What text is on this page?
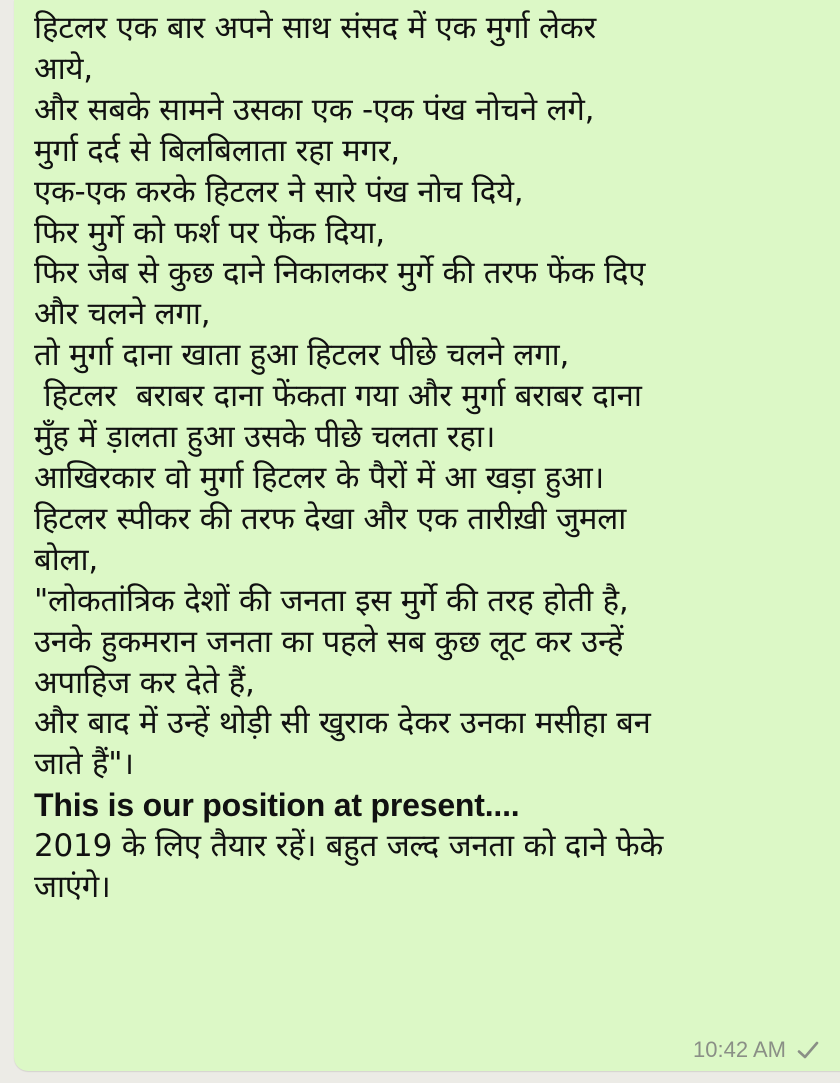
हिटलर एक बार अपने साथ संसद में एक मुर्गा लेकर
आये,
और सबके सामने उसका एक -एक पंख नोचने लगे,
मुर्गा दर्द से बिलबिलाता रहा मगर,
एक-एक करके हिटलर ने सारे पंख नोच दिये,
फिर मुर्गे को फर्श पर फेंक दिया,
फिर जेब से कुछ दाने निकालकर मुर्गे की तरफ फेंक दिए
और चलने लगा,
तो मुर्गा दाना खाता हुआ हिटलर पीछे चलने लगा,
हिटलर  बराबर दाना फेंकता गया और मुर्गा बराबर दाना
मुँह में ड़ालता हुआ उसके पीछे चलता रहा।
आखिरकार वो मुर्गा हिटलर के पैरों में आ खड़ा हुआ।
हिटलर स्पीकर की तरफ देखा और एक तारीख़ी जुमला
बोला,
"लोकतांत्रिक देशों की जनता इस मुर्गे की तरह होती है,
उनके हुकमरान जनता का पहले सब कुछ लूट कर उन्हें
अपाहिज कर देते हैं,
और बाद में उन्हें थोड़ी सी खुराक देकर उनका मसीहा बन
जाते हैं"।
This is our position at present....
2019 के लिए तैयार रहें। बहुत जल्द जनता को दाने फेके
जाएंगे।

10:42 AM
